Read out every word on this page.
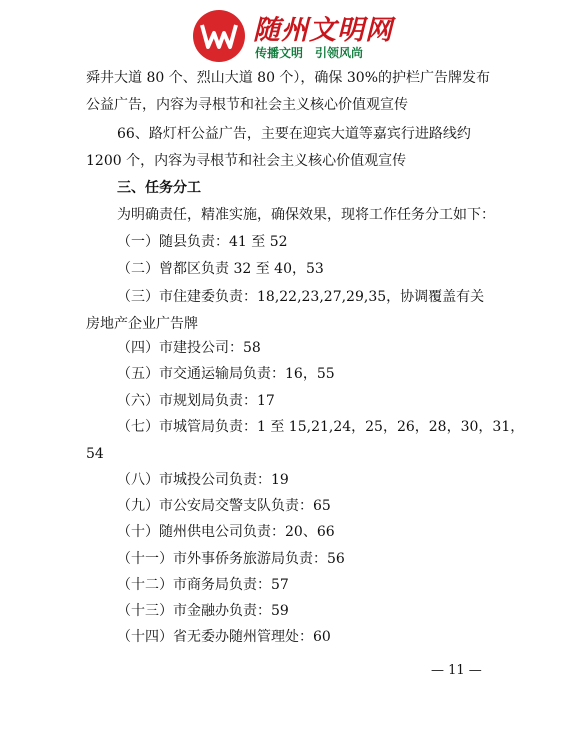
随州文明网
传播文明　引领风尚
舜井大道 80 个、烈山大道 80 个），确保 30%的护栏广告牌发布
公益广告，内容为寻根节和社会主义核心价值观宣传
66、路灯杆公益广告，主要在迎宾大道等嘉宾行进路线约
1200 个，内容为寻根节和社会主义核心价值观宣传
三、任务分工
为明确责任，精准实施，确保效果，现将工作任务分工如下：
（一）随县负责：41 至 52
（二）曾都区负责 32 至 40，53
（三）市住建委负责：18,22,23,27,29,35，协调覆盖有关
房地产企业广告牌
（四）市建投公司：58
（五）市交通运输局负责：16，55
（六）市规划局负责：17
（七）市城管局负责：1 至 15,21,24，25，26，28，30，31，
54
（八）市城投公司负责：19
（九）市公安局交警支队负责：65
（十）随州供电公司负责：20、66
（十一）市外事侨务旅游局负责：56
（十二）市商务局负责：57
（十三）市金融办负责：59
（十四）省无委办随州管理处：60
— 11 —
